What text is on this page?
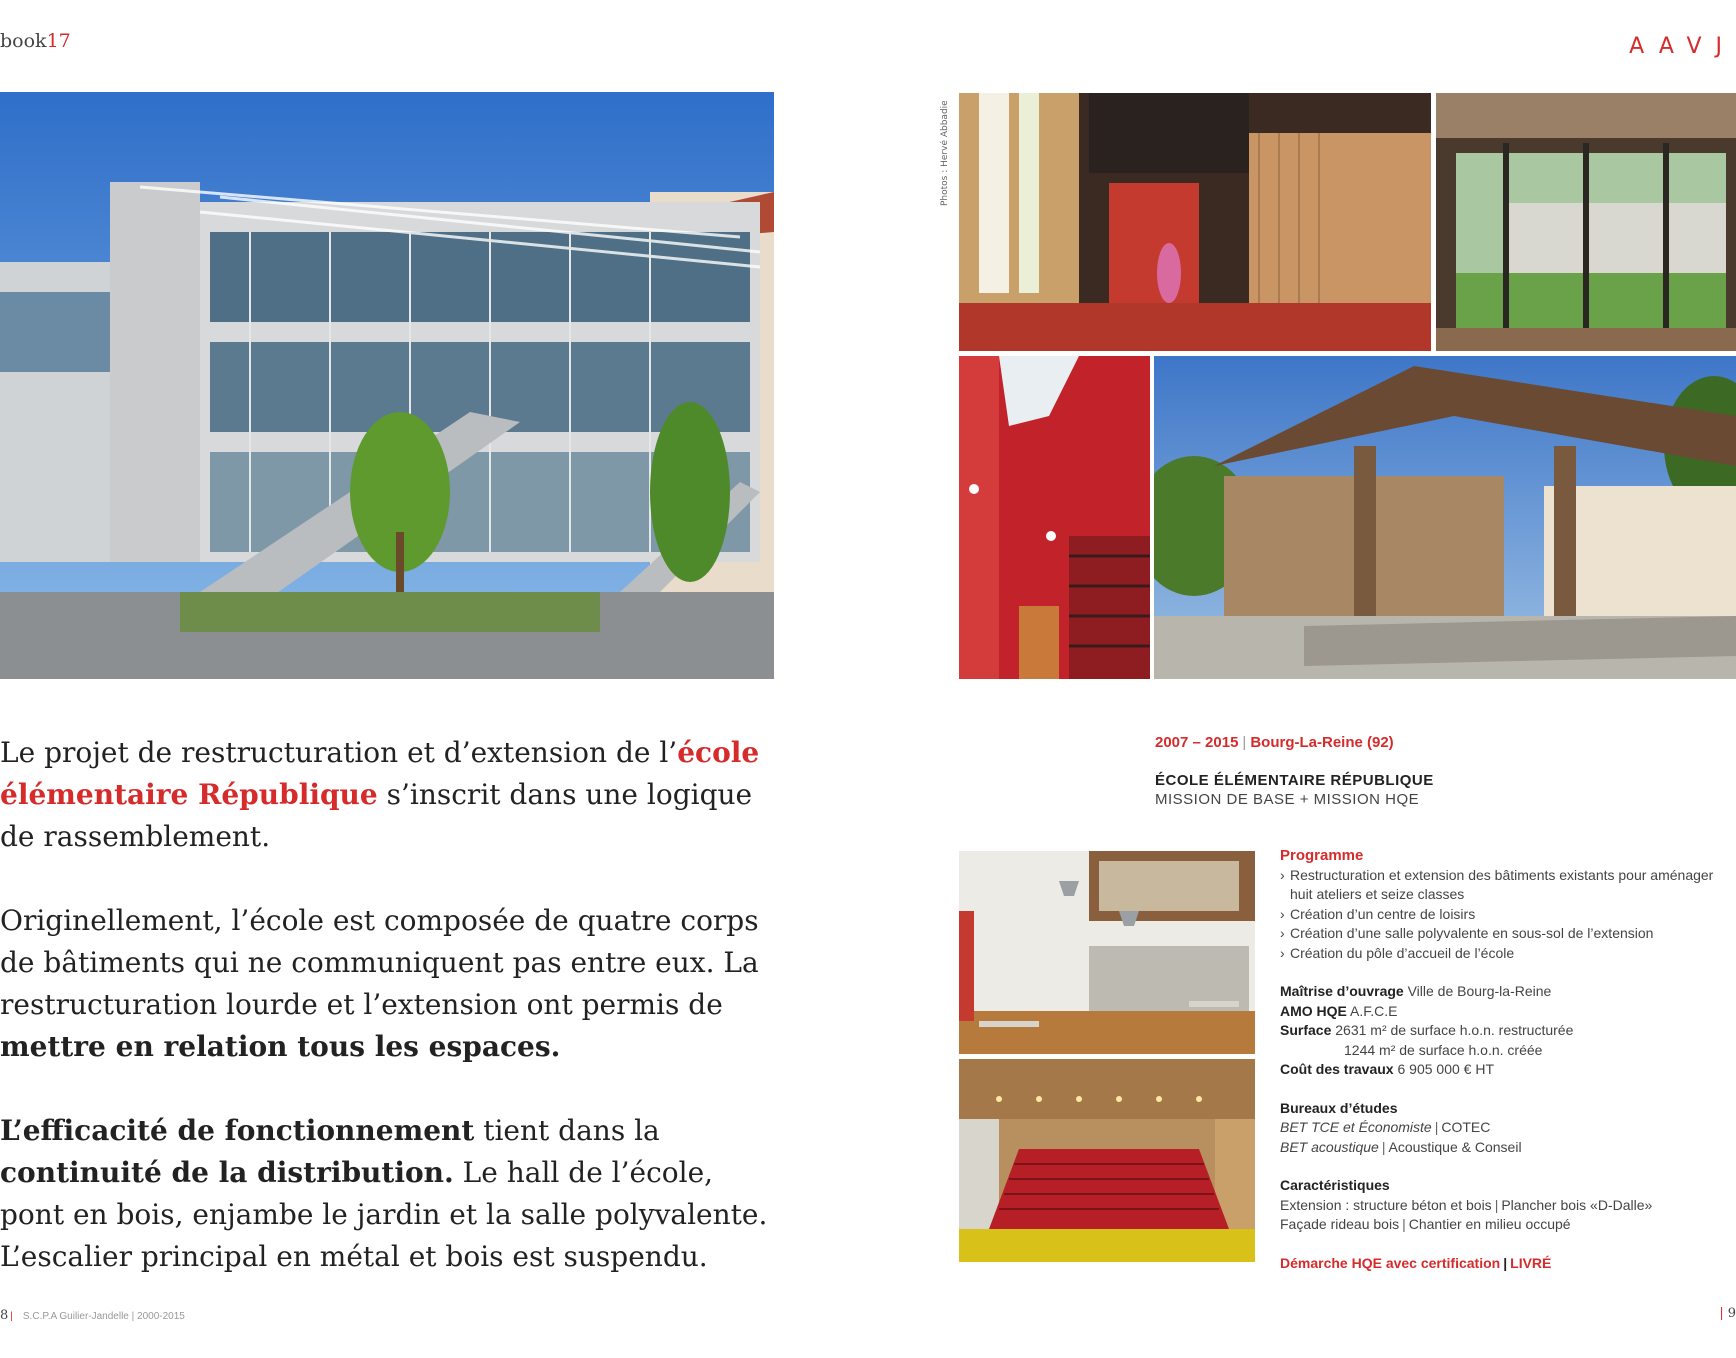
book17	AAVJ
Photos : Hervé Abbadie

Le projet de restructuration et d’extension de l’école élémentaire République s’inscrit dans une logique de rassemblement.

Originellement, l’école est composée de quatre corps de bâtiments qui ne communiquent pas entre eux. La restructuration lourde et l’extension ont permis de mettre en relation tous les espaces.

L’efficacité de fonctionnement tient dans la continuité de la distribution. Le hall de l’école, pont en bois, enjambe le jardin et la salle polyvalente. L’escalier principal en métal et bois est suspendu.

2007 – 2015 | Bourg-La-Reine (92)
ÉCOLE ÉLÉMENTAIRE RÉPUBLIQUE
MISSION DE BASE + MISSION HQE
Programme
› Restructuration et extension des bâtiments existants pour aménager huit ateliers et seize classes
› Création d’un centre de loisirs
› Création d’une salle polyvalente en sous-sol de l’extension
› Création du pôle d’accueil de l’école
Maîtrise d’ouvrage Ville de Bourg-la-Reine
AMO HQE A.F.C.E
Surface 2631 m² de surface h.o.n. restructurée
1244 m² de surface h.o.n. créée
Coût des travaux 6 905 000 € HT
Bureaux d’études
BET TCE et Économiste | COTEC
BET acoustique | Acoustique & Conseil
Caractéristiques
Extension : structure béton et bois | Plancher bois «D-Dalle»
Façade rideau bois | Chantier en milieu occupé
Démarche HQE avec certification | LIVRÉ
8 | S.C.P.A Guilier-Jandelle | 2000-2015	| 9
